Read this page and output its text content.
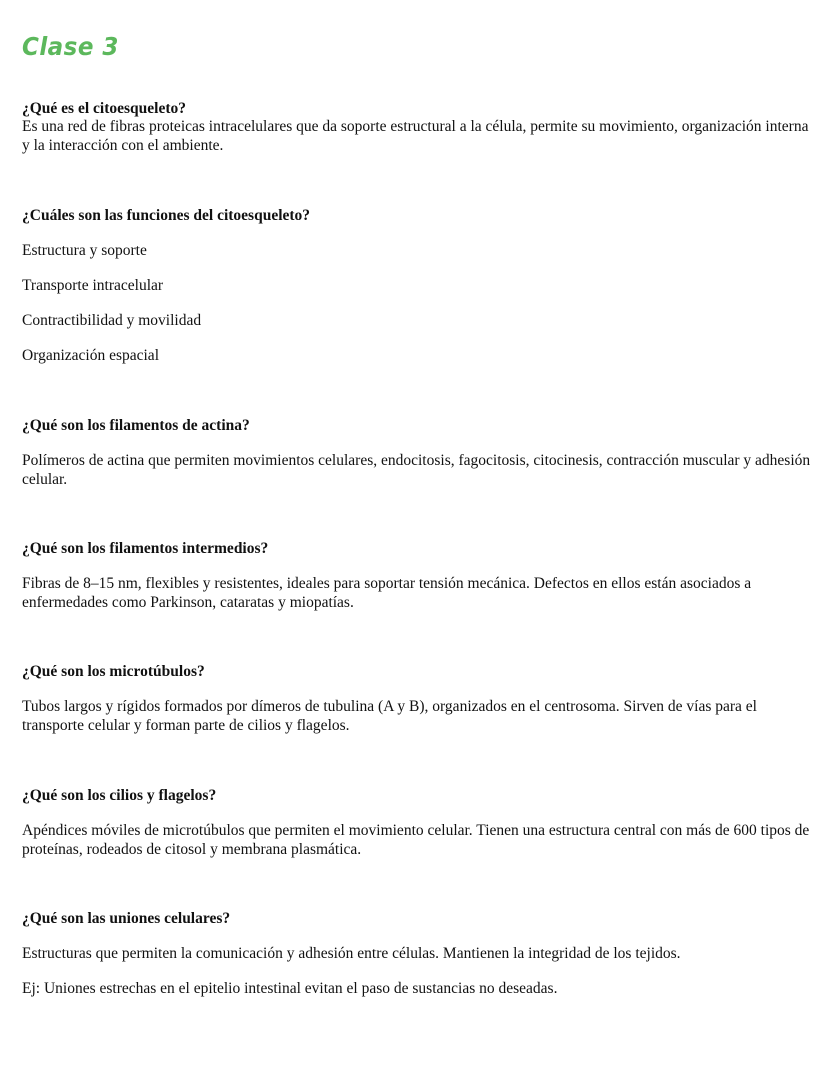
Clase 3

¿Qué es el citoesqueleto?

Es una red de fibras proteicas intracelulares que da soporte estructural a la célula, permite su movimiento, organización interna y la interacción con el ambiente.

¿Cuáles son las funciones del citoesqueleto?

Estructura y soporte

Transporte intracelular

Contractibilidad y movilidad

Organización espacial

¿Qué son los filamentos de actina?

Polímeros de actina que permiten movimientos celulares, endocitosis, fagocitosis, citocinesis, contracción muscular y adhesión celular.

¿Qué son los filamentos intermedios?

Fibras de 8–15 nm, flexibles y resistentes, ideales para soportar tensión mecánica. Defectos en ellos están asociados a enfermedades como Parkinson, cataratas y miopatías.

¿Qué son los microtúbulos?

Tubos largos y rígidos formados por dímeros de tubulina (A y B), organizados en el centrosoma. Sirven de vías para el transporte celular y forman parte de cilios y flagelos.

¿Qué son los cilios y flagelos?

Apéndices móviles de microtúbulos que permiten el movimiento celular. Tienen una estructura central con más de 600 tipos de proteínas, rodeados de citosol y membrana plasmática.

¿Qué son las uniones celulares?

Estructuras que permiten la comunicación y adhesión entre células. Mantienen la integridad de los tejidos.

Ej: Uniones estrechas en el epitelio intestinal evitan el paso de sustancias no deseadas.
